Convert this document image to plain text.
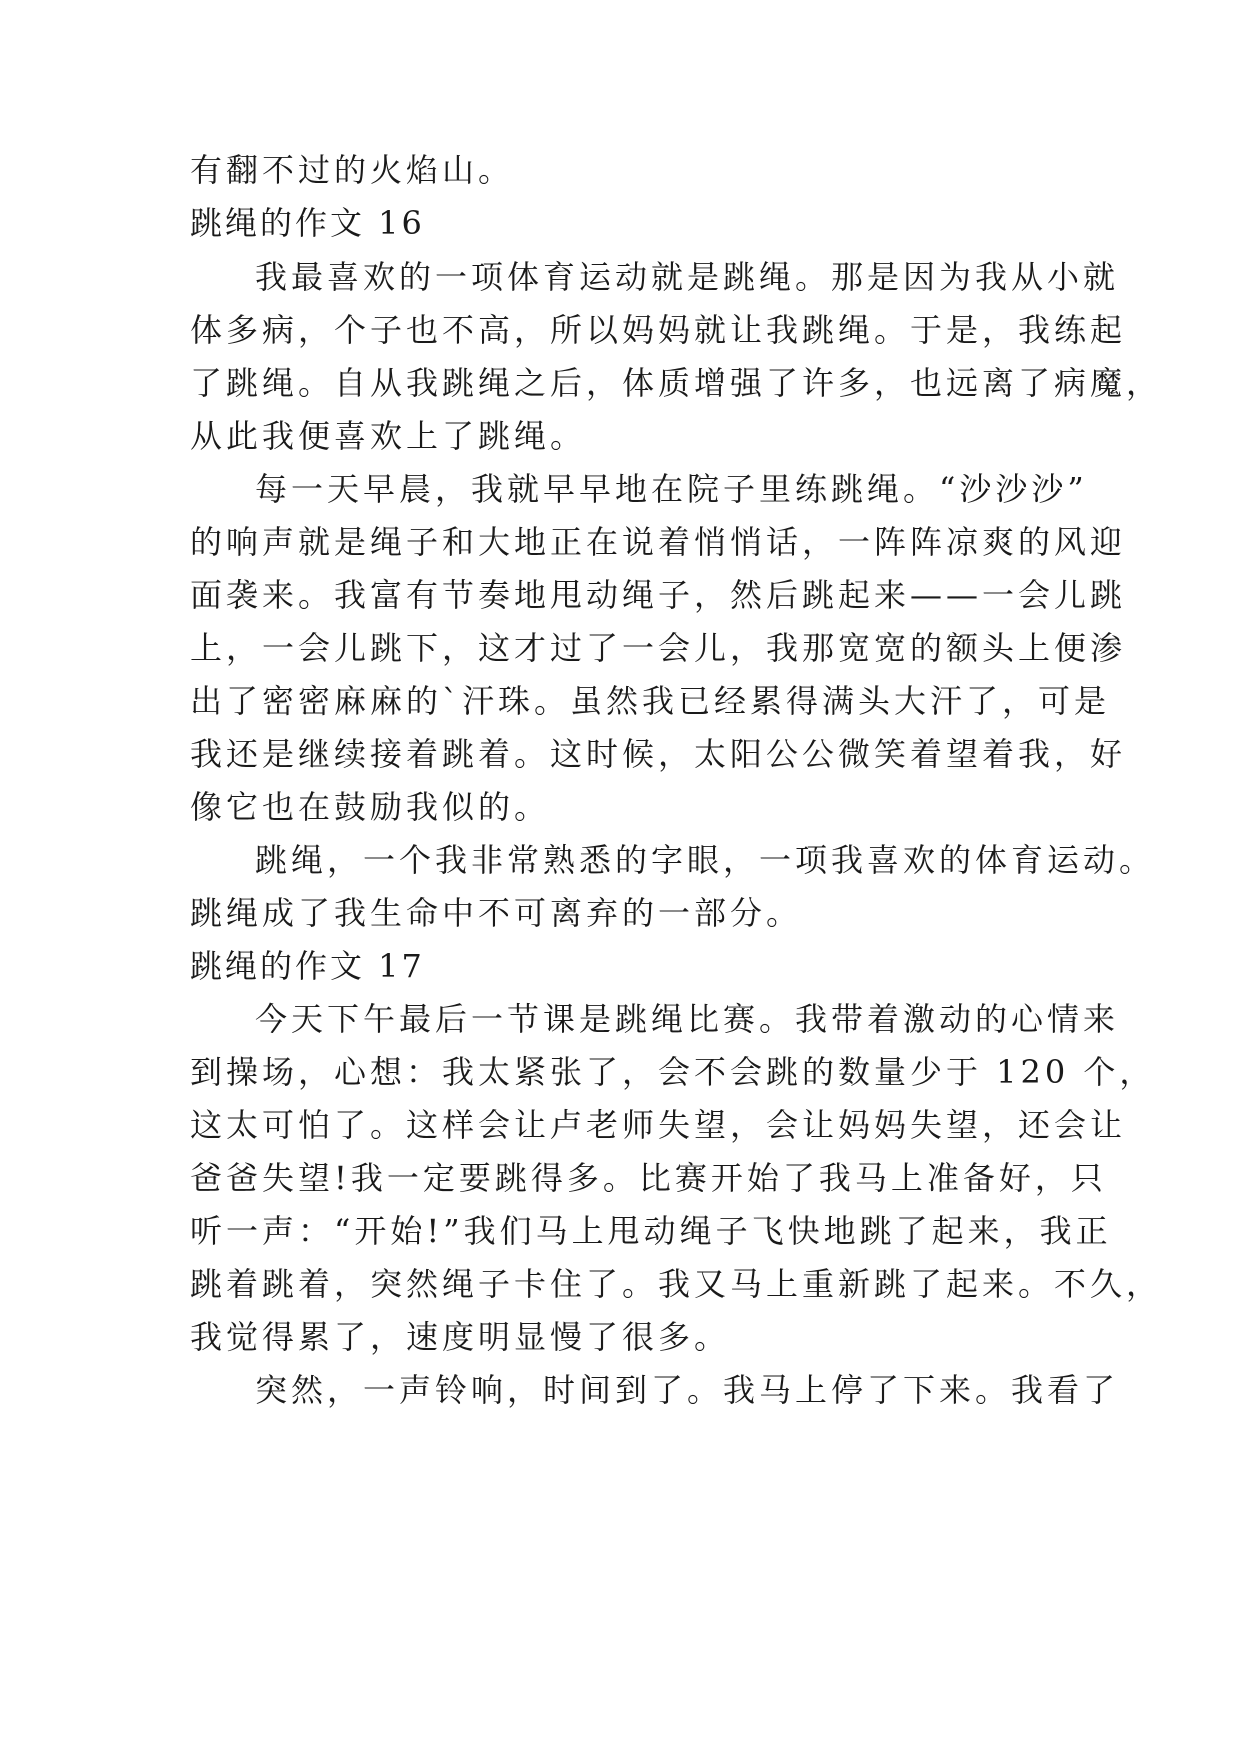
有翻不过的火焰山。
跳绳的作文 16
我最喜欢的一项体育运动就是跳绳。那是因为我从小就
体多病，个子也不高，所以妈妈就让我跳绳。于是，我练起
了跳绳。自从我跳绳之后，体质增强了许多，也远离了病魔，
从此我便喜欢上了跳绳。
每一天早晨，我就早早地在院子里练跳绳。“沙沙沙”
的响声就是绳子和大地正在说着悄悄话，一阵阵凉爽的风迎
面袭来。我富有节奏地甩动绳子，然后跳起来——一会儿跳
上，一会儿跳下，这才过了一会儿，我那宽宽的额头上便渗
出了密密麻麻的`汗珠。虽然我已经累得满头大汗了，可是
我还是继续接着跳着。这时候，太阳公公微笑着望着我，好
像它也在鼓励我似的。
跳绳，一个我非常熟悉的字眼，一项我喜欢的体育运动。
跳绳成了我生命中不可离弃的一部分。
跳绳的作文 17
今天下午最后一节课是跳绳比赛。我带着激动的心情来
到操场，心想：我太紧张了，会不会跳的数量少于 120 个，
这太可怕了。这样会让卢老师失望，会让妈妈失望，还会让
爸爸失望!我一定要跳得多。比赛开始了我马上准备好，只
听一声：“开始!”我们马上甩动绳子飞快地跳了起来，我正
跳着跳着，突然绳子卡住了。我又马上重新跳了起来。不久，
我觉得累了，速度明显慢了很多。
突然，一声铃响，时间到了。我马上停了下来。我看了
